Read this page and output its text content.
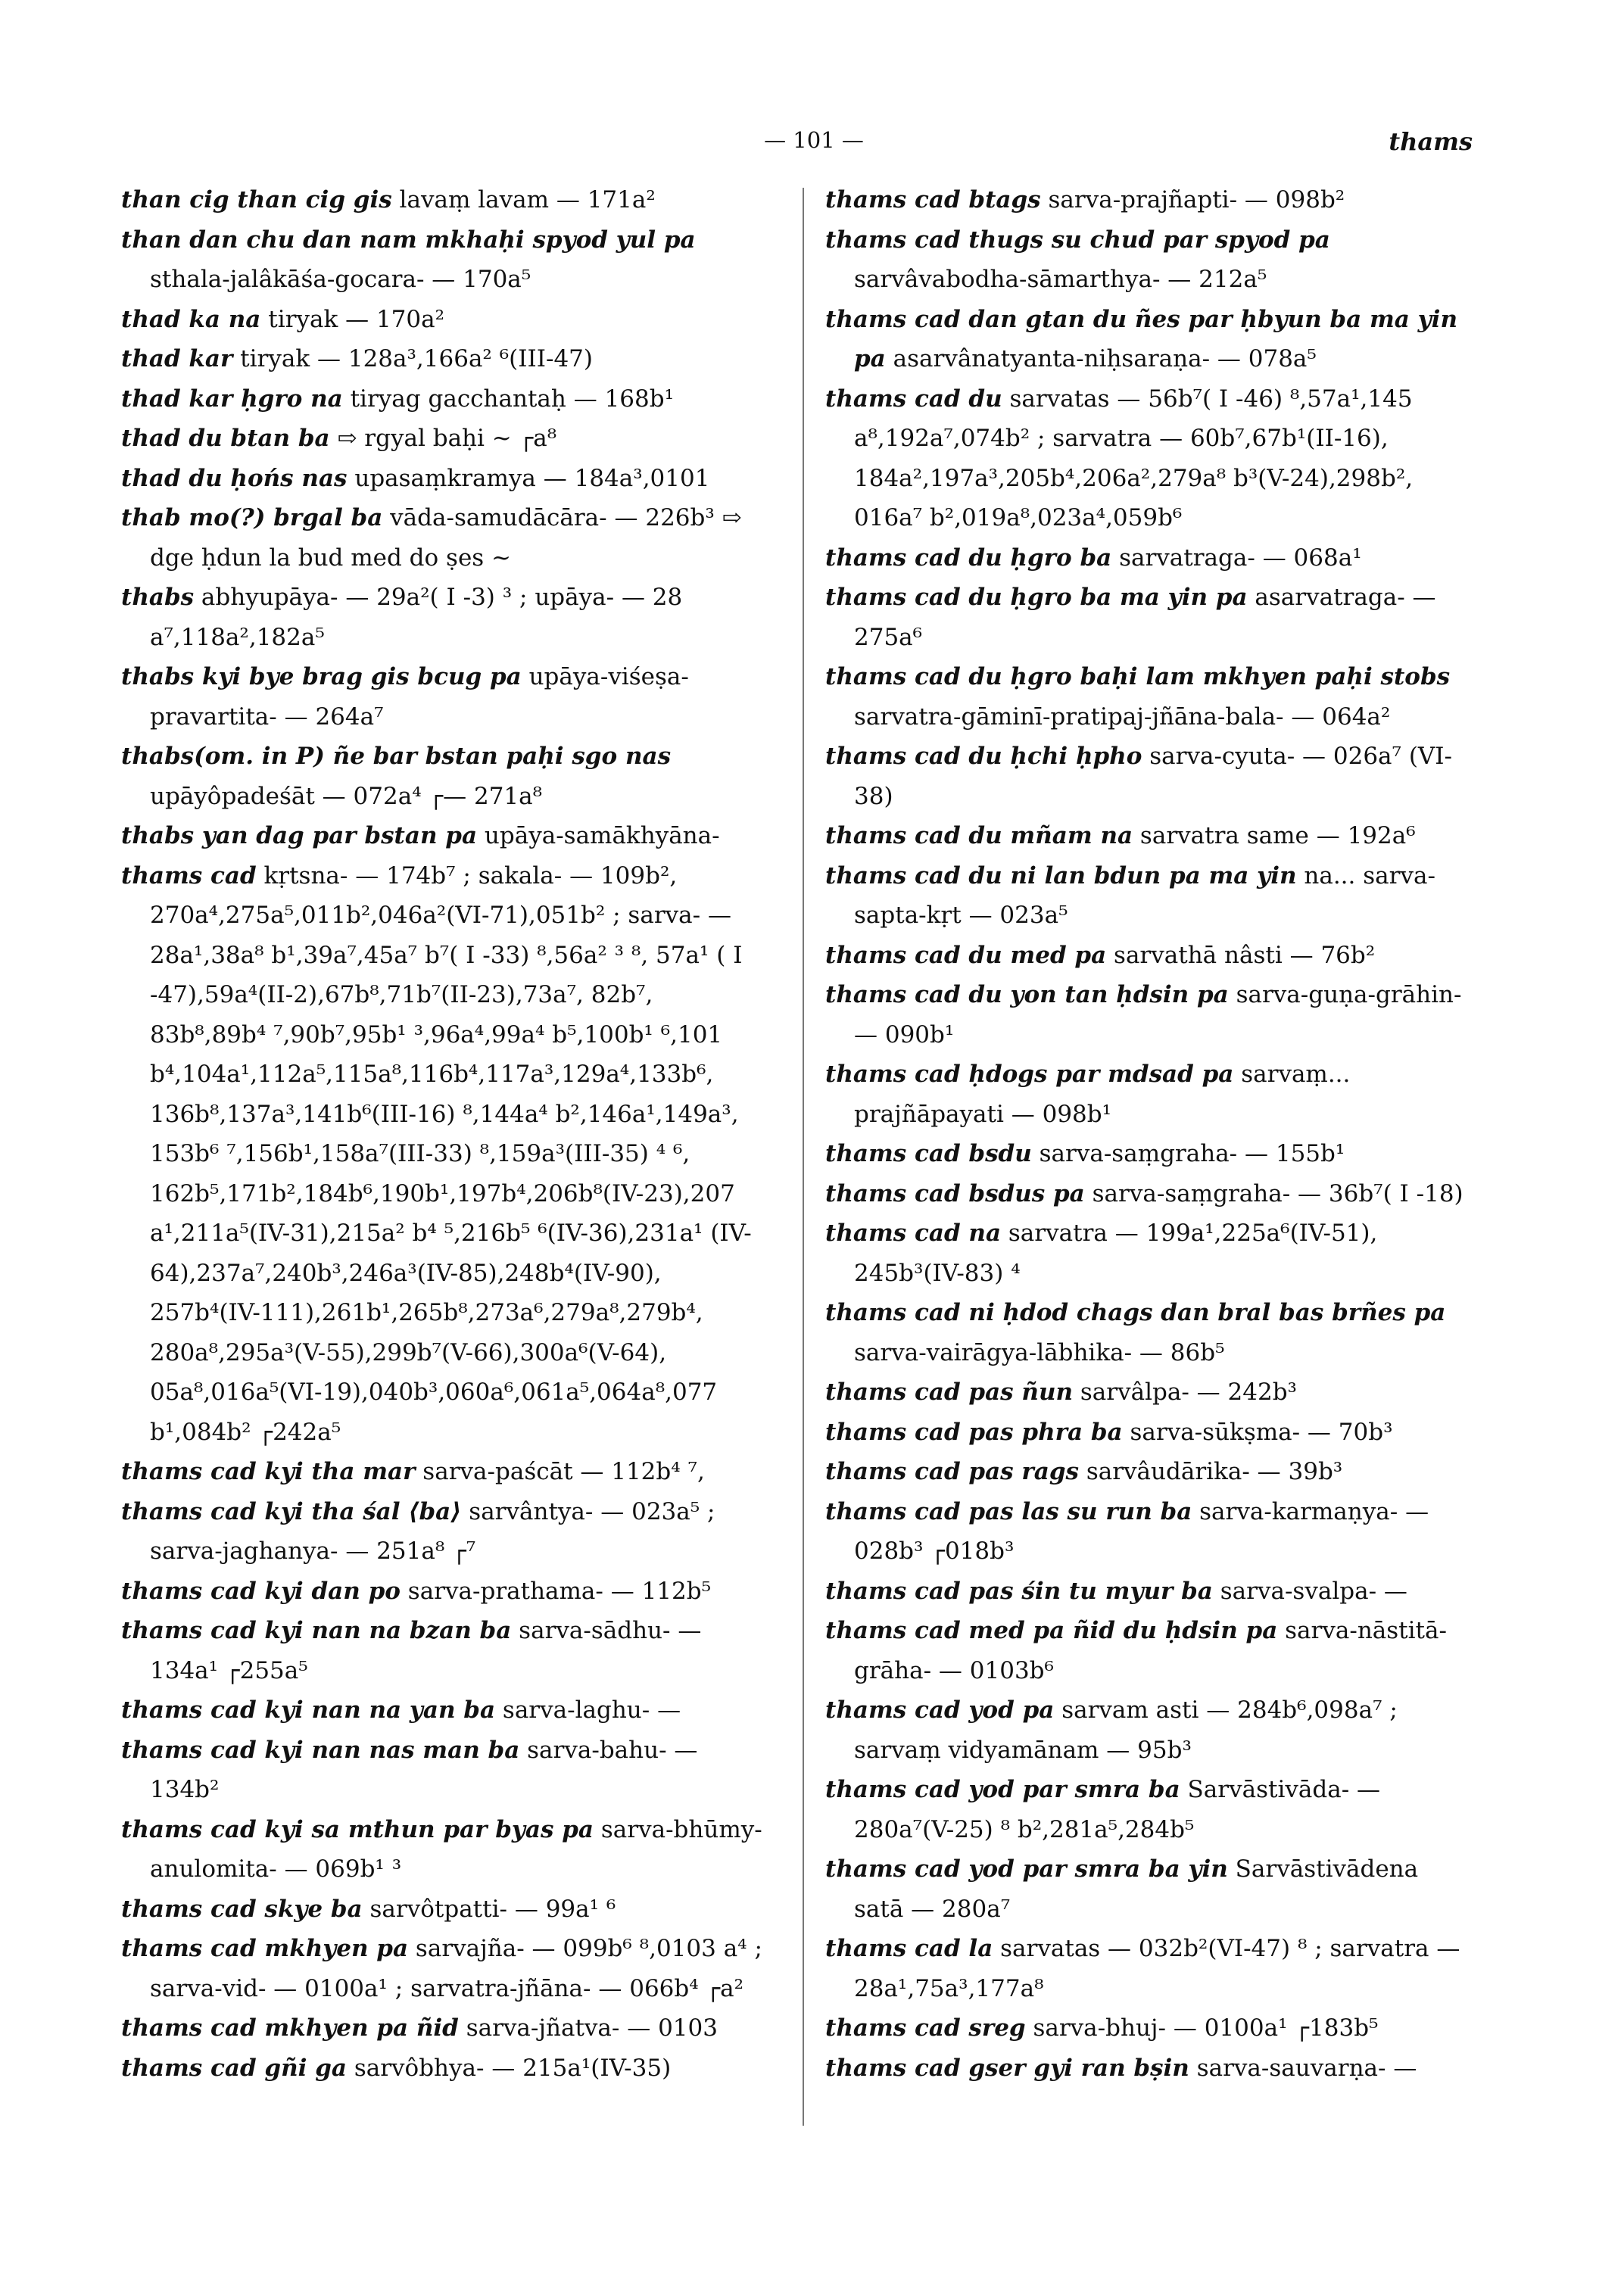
— 101 —	thams
than cig than cig gis lavaṃ lavam — 171a²
than dan chu dan nam mkhaḥi spyod yul pa sthala-jalâkāśa-gocara- — 170a⁵
thad ka na tiryak — 170a²
thad kar tiryak — 128a³,166a² ⁶(III-47)
thad kar ḥgro na tiryag gacchantaḥ — 168b¹
thad du btan ba ⇨ rgyal baḥi ~ ┌a⁸
thad du ḥońs nas upasaṃkramya — 184a³,0101
thab mo(?) brgal ba vāda-samudācāra- — 226b³ ⇨ dge ḥdun la bud med do ṣes ~
thabs abhyupāya- — 29a²( I -3) ³ ; upāya- — 28 a⁷,118a²,182a⁵
thabs kyi bye brag gis bcug pa upāya-viśeṣa-pravartita- — 264a⁷
thabs(om. in P) ñe bar bstan paḥi sgo nas upāyôpadeśāt — 072a⁴ ┌— 271a⁸
thabs yan dag par bstan pa upāya-samākhyāna-
thams cad kṛtsna- — 174b⁷ ; sakala- — 109b², 270a⁴,275a⁵,011b²,046a²(VI-71),051b² ; sarva- — 28a¹,38a⁸ b¹,39a⁷,45a⁷ b⁷( I -33) ⁸,56a² ³ ⁸, 57a¹ ( I -47),59a⁴(II-2),67b⁸,71b⁷(II-23),73a⁷, 82b⁷, 83b⁸,89b⁴ ⁷,90b⁷,95b¹ ³,96a⁴,99a⁴ b⁵,100b¹ ⁶,101 b⁴,104a¹,112a⁵,115a⁸,116b⁴,117a³,129a⁴,133b⁶, 136b⁸,137a³,141b⁶(III-16) ⁸,144a⁴ b²,146a¹,149a³, 153b⁶ ⁷,156b¹,158a⁷(III-33) ⁸,159a³(III-35) ⁴ ⁶, 162b⁵,171b²,184b⁶,190b¹,197b⁴,206b⁸(IV-23),207 a¹,211a⁵(IV-31),215a² b⁴ ⁵,216b⁵ ⁶(IV-36),231a¹ (IV-64),237a⁷,240b³,246a³(IV-85),248b⁴(IV-90), 257b⁴(IV-111),261b¹,265b⁸,273a⁶,279a⁸,279b⁴, 280a⁸,295a³(V-55),299b⁷(V-66),300a⁶(V-64), 05a⁸,016a⁵(VI-19),040b³,060a⁶,061a⁵,064a⁸,077 b¹,084b² ┌242a⁵
thams cad kyi tha mar sarva-paścāt — 112b⁴ ⁷,
thams cad kyi tha śal ⟨ba⟩ sarvântya- — 023a⁵ ; sarva-jaghanya- — 251a⁸ ┌⁷
thams cad kyi dan po sarva-prathama- — 112b⁵
thams cad kyi nan na bzan ba sarva-sādhu- — 134a¹ ┌255a⁵
thams cad kyi nan na yan ba sarva-laghu- —
thams cad kyi nan nas man ba sarva-bahu- — 134b²
thams cad kyi sa mthun par byas pa sarva-bhūmy-anulomita- — 069b¹ ³
thams cad skye ba sarvôtpatti- — 99a¹ ⁶
thams cad mkhyen pa sarvajña- — 099b⁶ ⁸,0103 a⁴ ; sarva-vid- — 0100a¹ ; sarvatra-jñāna- — 066b⁴ ┌a²
thams cad mkhyen pa ñid sarva-jñatva- — 0103
thams cad gñi ga sarvôbhya- — 215a¹(IV-35)
thams cad btags sarva-prajñapti- — 098b²
thams cad thugs su chud par spyod pa sarvâvabodha-sāmarthya- — 212a⁵
thams cad dan gtan du ñes par ḥbyun ba ma yin pa asarvânatyanta-niḥsaraṇa- — 078a⁵
thams cad du sarvatas — 56b⁷( I -46) ⁸,57a¹,145 a⁸,192a⁷,074b² ; sarvatra — 60b⁷,67b¹(II-16), 184a²,197a³,205b⁴,206a²,279a⁸ b³(V-24),298b², 016a⁷ b²,019a⁸,023a⁴,059b⁶
thams cad du ḥgro ba sarvatraga- — 068a¹
thams cad du ḥgro ba ma yin pa asarvatraga- — 275a⁶
thams cad du ḥgro baḥi lam mkhyen paḥi stobs sarvatra-gāminī-pratipaj-jñāna-bala- — 064a²
thams cad du ḥchi ḥpho sarva-cyuta- — 026a⁷ (VI-38)
thams cad du mñam na sarvatra same — 192a⁶
thams cad du ni lan bdun pa ma yin na... sarva-sapta-kṛt — 023a⁵
thams cad du med pa sarvathā nâsti — 76b²
thams cad du yon tan ḥdsin pa sarva-guṇa-grāhin- — 090b¹
thams cad ḥdogs par mdsad pa sarvaṃ... prajñāpayati — 098b¹
thams cad bsdu sarva-saṃgraha- — 155b¹
thams cad bsdus pa sarva-saṃgraha- — 36b⁷( I -18)
thams cad na sarvatra — 199a¹,225a⁶(IV-51), 245b³(IV-83) ⁴
thams cad ni ḥdod chags dan bral bas brñes pa sarva-vairāgya-lābhika- — 86b⁵
thams cad pas ñun sarvâlpa- — 242b³
thams cad pas phra ba sarva-sūkṣma- — 70b³
thams cad pas rags sarvâudārika- — 39b³
thams cad pas las su run ba sarva-karmaṇya- — 028b³ ┌018b³
thams cad pas śin tu myur ba sarva-svalpa- —
thams cad med pa ñid du ḥdsin pa sarva-nāstitā-grāha- — 0103b⁶
thams cad yod pa sarvam asti — 284b⁶,098a⁷ ; sarvaṃ vidyamānam — 95b³
thams cad yod par smra ba Sarvāstivāda- — 280a⁷(V-25) ⁸ b²,281a⁵,284b⁵
thams cad yod par smra ba yin Sarvāstivādena satā — 280a⁷
thams cad la sarvatas — 032b²(VI-47) ⁸ ; sarvatra — 28a¹,75a³,177a⁸
thams cad sreg sarva-bhuj- — 0100a¹ ┌183b⁵
thams cad gser gyi ran bṣin sarva-sauvarṇa- —
